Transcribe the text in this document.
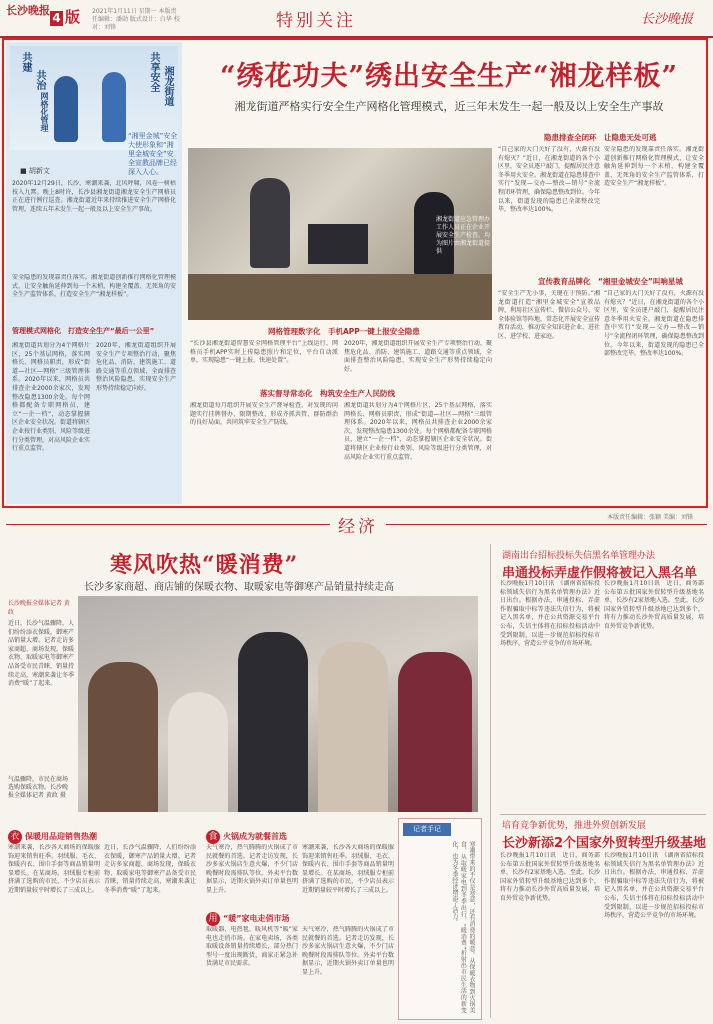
长沙晚报
4 版 2021年1月11日 星期一 本版责任编辑：潘勋 版式设计：白华 校对：刘锋	特别关注	长沙晚报
共建
共治	共享安全 湘龙街道
网格化管理
“湘里金城”安全大使形象和“湘里金城安全”安全宣教品牌已经深入人心。
■ 胡新文
2020年12月29日，长沙，寒潮来袭，北风呼啸，风卷一树枯枝入九霄。晚上8时许，长沙县湘龙街道湘龙安全生产网格员正在进行例行巡查。湘龙街道近年来持续推进安全生产网格化管理，连续五年未发生一起一般及以上安全生产事故。
安全隐患的发现靠责任落实。湘龙街道创新推行网格化管理模式，让安全触角延伸到每一个末梢，构建全覆盖、无死角的安全生产监管体系，打造安全生产“湘龙样板”。
管理模式网格化　打造安全生产“最后一公里”
湘龙街道共划分为4个网格片区，25个基层网格，落实网格长、网格员职责，形成“街道—社区—网格”三级管理体系。2020年以来，网格员共排查企业2000余家次，发现整改隐患1300余处。每个网格都配备专职网格员，建立“一企一档”，动态掌握辖区企业安全状况。街道将辖区企业按行业类别、风险等级进行分类管理，对高风险企业实行重点监管。
2020年，湘龙街道组织开展安全生产专项整治行动，聚焦危化品、消防、建筑施工、道路交通等重点领域，全面排查整治风险隐患，实现安全生产形势持续稳定向好。
“绣花功夫”绣出安全生产“湘龙样板”
湘龙街道严格实行安全生产网格化管理模式，近三年未发生一起一般及以上安全生产事故
湘龙街道应急管理办工作人员正在企业开展安全生产检查。均为图片由湘龙街道提供
隐患排查全闭环　让隐患无处可逃
“自己家的大门关好了没有，火源有没有熄灭？”近日，在湘龙街道的各个小区里，安全员逐户敲门，提醒居民注意冬季用火安全。湘龙街道在隐患排查中实行“发现—交办—整改—销号”全流程闭环管理，确保隐患整改到位。今年以来，街道发现的隐患已全部整改完毕，整改率达100%。
安全隐患的发现靠责任落实。湘龙街道创新推行网格化管理模式，让安全触角延伸到每一个末梢，构建全覆盖、无死角的安全生产监管体系，打造安全生产“湘龙样板”。
宣传教育品牌化　“湘里金城安全”叫响星城
“安全生产无小事，关键在于预防。”湘龙街道打造“湘里金城安全”宣教品牌，利用社区宣传栏、微信公众号、安全体验馆等阵地，常态化开展安全宣传教育活动，推动安全知识进企业、进社区、进学校、进家庭。
“自己家的大门关好了没有，火源有没有熄灭？”近日，在湘龙街道的各个小区里，安全员逐户敲门，提醒居民注意冬季用火安全。湘龙街道在隐患排查中实行“发现—交办—整改—销号”全流程闭环管理，确保隐患整改到位。今年以来，街道发现的隐患已全部整改完毕，整改率达100%。
网格管理数字化　手机APP一键上报安全隐患
“长沙县湘龙街道智慧安全网格管理平台”上线运行，网格员手机APP实时上传隐患照片和定位，平台自动派单，实现隐患“一键上报、快速处置”。
2020年，湘龙街道组织开展安全生产专项整治行动，聚焦危化品、消防、建筑施工、道路交通等重点领域，全面排查整治风险隐患，实现安全生产形势持续稳定向好。
落实督导常态化　构筑安全生产人民防线
湘龙街道每月组织开展安全生产督导检查，对发现的问题实行挂牌督办，限期整改，形成齐抓共管、群防群治的良好局面，共同筑牢安全生产防线。
湘龙街道共划分为4个网格片区，25个基层网格，落实网格长、网格员职责，形成“街道—社区—网格”三级管理体系。2020年以来，网格员共排查企业2000余家次，发现整改隐患1300余处。每个网格都配备专职网格员，建立“一企一档”，动态掌握辖区企业安全状况。街道将辖区企业按行业类别、风险等级进行分类管理，对高风险企业实行重点监管。
经济	本版责任编辑：张颖 美编：刘锋
寒风吹热“暖消费”
长沙多家商超、商店铺的保暖衣物、取暖家电等御寒产品销量持续走高
长沙晚报全媒体记者 黄政
近日，长沙气温骤降，人们纷纷添衣保暖，御寒产品销量大增。记者走访多家商超、商场发现，保暖衣物、取暖家电等御寒产品备受市民青睐，销量持续走高，寒潮来袭让冬季消费“暖”了起来。
气温骤降，市民在商场选购保暖衣物。长沙晚报全媒体记者 黄政 摄
衣 保暖用品迎销售热潮
寒潮来袭，长沙各大商场的保暖服饰迎来销售旺季。羽绒服、毛衣、保暖内衣、围巾手套等商品销量明显增长。在某商场，羽绒服专柜前挤满了选购的市民，不少店员表示近期销量较平时增长了三成以上。
近日，长沙气温骤降，人们纷纷添衣保暖，御寒产品销量大增。记者走访多家商超、商场发现，保暖衣物、取暖家电等御寒产品备受市民青睐，销量持续走高，寒潮来袭让冬季消费“暖”了起来。
食 火锅成为就餐首选
天气寒冷，热气腾腾的火锅成了市民就餐的首选。记者走访发现，长沙多家火锅店生意火爆，不少门店晚餐时段需排队等位。外卖平台数据显示，近期火锅外卖订单量也明显上升。
寒潮来袭，长沙各大商场的保暖服饰迎来销售旺季。羽绒服、毛衣、保暖内衣、围巾手套等商品销量明显增长。在某商场，羽绒服专柜前挤满了选购的市民，不少店员表示近期销量较平时增长了三成以上。
用 “暖”家电走俏市场
取暖器、电热毯、暖风机等“暖”家电也走俏市场。在家电卖场，各类取暖设备销量持续增长，部分热门型号一度出现断货，商家正紧急补货满足市民需求。
天气寒冷，热气腾腾的火锅成了市民就餐的首选。记者走访发现，长沙多家火锅店生意火爆，不少门店晚餐时段需排队等位。外卖平台数据显示，近期火锅外卖订单量也明显上升。
记者手记
寒潮带来的不仅是寒意，还有消费的暖意。从保暖衣物到火锅美食，从取暖家电到冬季出行，“暖消费”折射出市民生活的新变化，也为冬季经济增添了活力。
湖南出台招标投标失信黑名单管理办法
串通投标弄虚作假将被记入黑名单
长沙晚报1月10日讯　《湖南省招标投标领域失信行为黑名单管理办法》近日出台。根据办法，串通投标、弄虚作假骗取中标等违法失信行为，将被记入黑名单，并在公共资源交易平台公布，失信主体将在招标投标活动中受到限制，以进一步规范招标投标市场秩序，营造公平竞争的市场环境。
长沙晚报1月10日讯　近日，商务部公布第五批国家外贸转型升级基地名单，长沙有2家基地入选。至此，长沙国家外贸转型升级基地已达到多个，将有力推动长沙外贸高质量发展，培育外贸竞争新优势。
培育竞争新优势，推进外贸创新发展
长沙新添2个国家外贸转型升级基地
长沙晚报1月10日讯　近日，商务部公布第五批国家外贸转型升级基地名单，长沙有2家基地入选。至此，长沙国家外贸转型升级基地已达到多个，将有力推动长沙外贸高质量发展，培育外贸竞争新优势。
长沙晚报1月10日讯　《湖南省招标投标领域失信行为黑名单管理办法》近日出台。根据办法，串通投标、弄虚作假骗取中标等违法失信行为，将被记入黑名单，并在公共资源交易平台公布，失信主体将在招标投标活动中受到限制，以进一步规范招标投标市场秩序，营造公平竞争的市场环境。
